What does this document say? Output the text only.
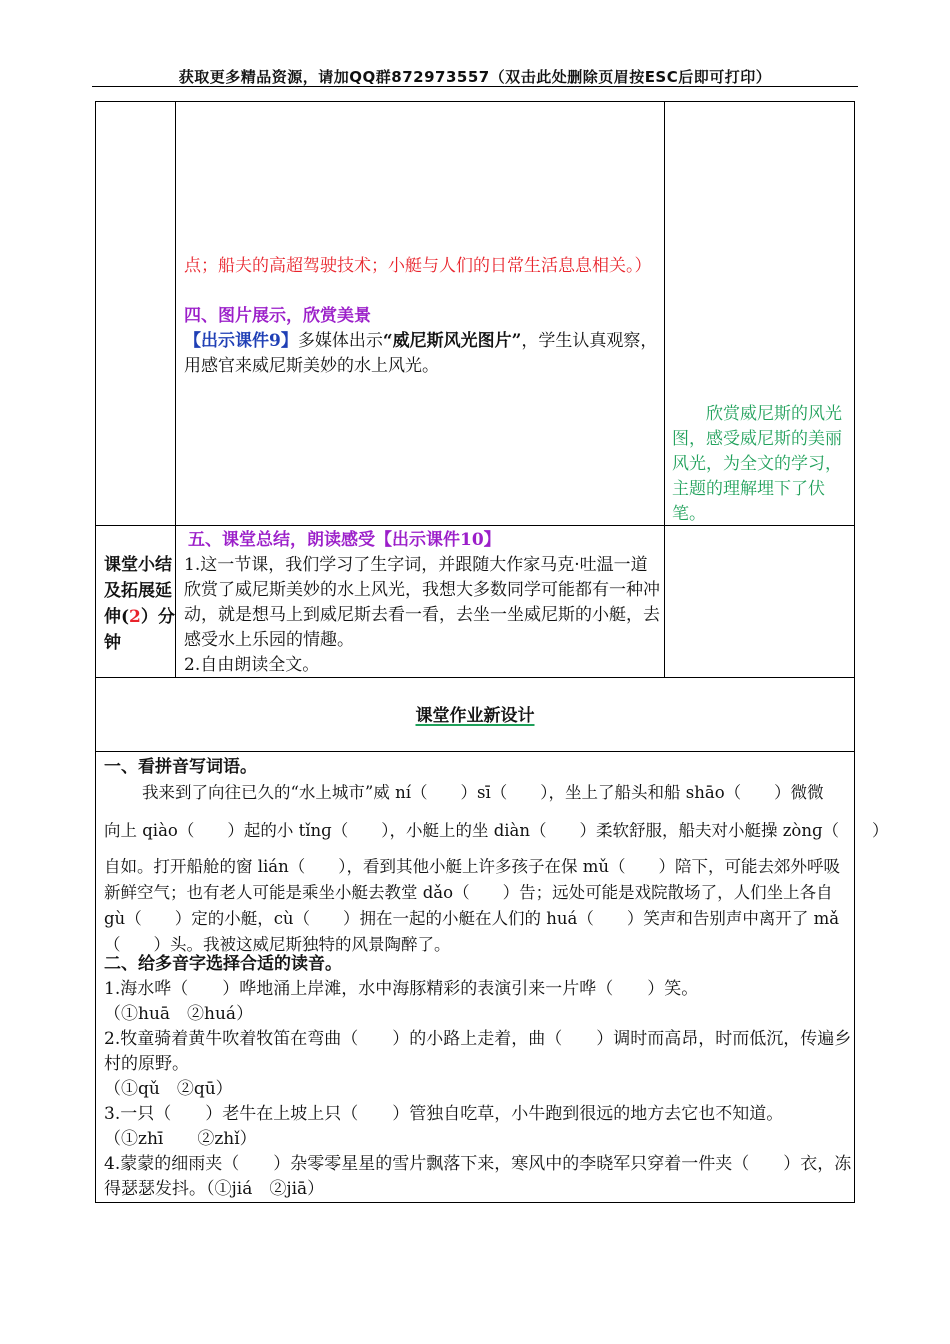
获取更多精品资源，请加QQ群872973557（双击此处删除页眉按ESC后即可打印）
点；船夫的高超驾驶技术；小艇与人们的日常生活息息相关。）
四、图片展示，欣赏美景
【出示课件9】多媒体出示“威尼斯风光图片”，学生认真观察，用感官来威尼斯美妙的水上风光。
欣赏威尼斯的风光图，感受威尼斯的美丽风光，为全文的学习，主题的理解埋下了伏笔。
课堂小结及拓展延伸(2）分钟
五、课堂总结，朗读感受【出示课件10】
1.这一节课，我们学习了生字词，并跟随大作家马克·吐温一道欣赏了威尼斯美妙的水上风光，我想大多数同学可能都有一种冲动，就是想马上到威尼斯去看一看，去坐一坐威尼斯的小艇，去感受水上乐园的情趣。
2.自由朗读全文。
课堂作业新设计
一、看拼音写词语。
我来到了向往已久的“水上城市”威 ní（　　）sī（　　），坐上了船头和船 shāo（　　）微微
向上 qiào（　　）起的小 tǐnɡ（　　），小艇上的坐 diàn（　　）柔软舒服，船夫对小艇操 zònɡ（　　）
自如。打开船舱的窗 lián（　　），看到其他小艇上许多孩子在保 mǔ（　　）陪下，可能去郊外呼吸新鲜空气；也有老人可能是乘坐小艇去教堂 dǎo（　　）告；远处可能是戏院散场了，人们坐上各自 gù（　　）定的小艇，cù（　　）拥在一起的小艇在人们的 huá（　　）笑声和告别声中离开了 mǎ（　　）头。我被这威尼斯独特的风景陶醉了。
二、给多音字选择合适的读音。
1.海水哗（　　）哗地涌上岸滩，水中海豚精彩的表演引来一片哗（　　）笑。
（①huā　②huá）
2.牧童骑着黄牛吹着牧笛在弯曲（　　）的小路上走着，曲（　　）调时而高昂，时而低沉，传遍乡村的原野。
（①qǔ　②qū）
3.一只（　　）老牛在上坡上只（　　）管独自吃草，小牛跑到很远的地方去它也不知道。
（①zhī　　②zhǐ）
4.蒙蒙的细雨夹（　　）杂零零星星的雪片飘落下来，寒风中的李晓军只穿着一件夹（　　）衣，冻得瑟瑟发抖。（①jiá　②jiā）
